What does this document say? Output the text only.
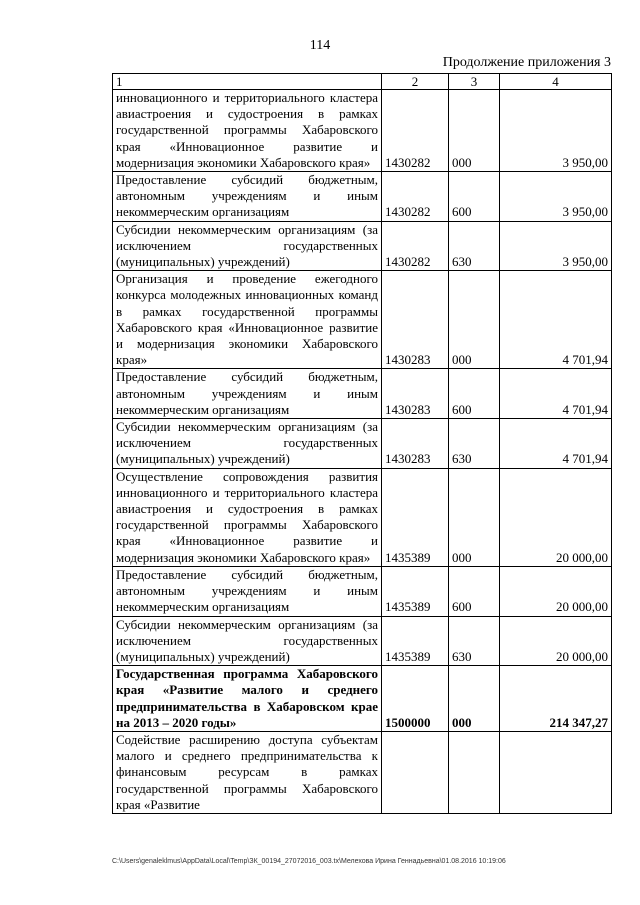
114
Продолжение приложения 3
1	2	3	4
инновационного и территориального кластера авиастроения и судостроения в рамках государственной программы Хабаровского края «Инновационное развитие и модернизация экономики Хабаровского края»	1430282	000	3 950,00
Предоставление субсидий бюджетным, автономным учреждениям и иным некоммерческим организациям	1430282	600	3 950,00
Субсидии некоммерческим организациям (за исключением государственных (муниципальных) учреждений)	1430282	630	3 950,00
Организация и проведение ежегодного конкурса молодежных инновационных команд в рамках государственной программы Хабаровского края «Инновационное развитие и модернизация экономики Хабаровского края»	1430283	000	4 701,94
Предоставление субсидий бюджетным, автономным учреждениям и иным некоммерческим организациям	1430283	600	4 701,94
Субсидии некоммерческим организациям (за исключением государственных (муниципальных) учреждений)	1430283	630	4 701,94
Осуществление сопровождения развития инновационного и территориального кластера авиастроения и судостроения в рамках государственной программы Хабаровского края «Инновационное развитие и модернизация экономики Хабаровского края»	1435389	000	20 000,00
Предоставление субсидий бюджетным, автономным учреждениям и иным некоммерческим организациям	1435389	600	20 000,00
Субсидии некоммерческим организациям (за исключением государственных (муниципальных) учреждений)	1435389	630	20 000,00
Государственная программа Хабаровского края «Развитие малого и среднего предпринимательства в Хабаровском крае на 2013 – 2020 годы»	1500000	000	214 347,27
Содействие расширению доступа субъектам малого и среднего предпринимательства к финансовым ресурсам в рамках государственной программы Хабаровского края «Развитие			
C:\Users\genaleklmus\AppData\Local\Temp\ЗК_00194_27072016_003.tx\Мелехова Ирина Геннадьевна\01.08.2016 10:19:06
